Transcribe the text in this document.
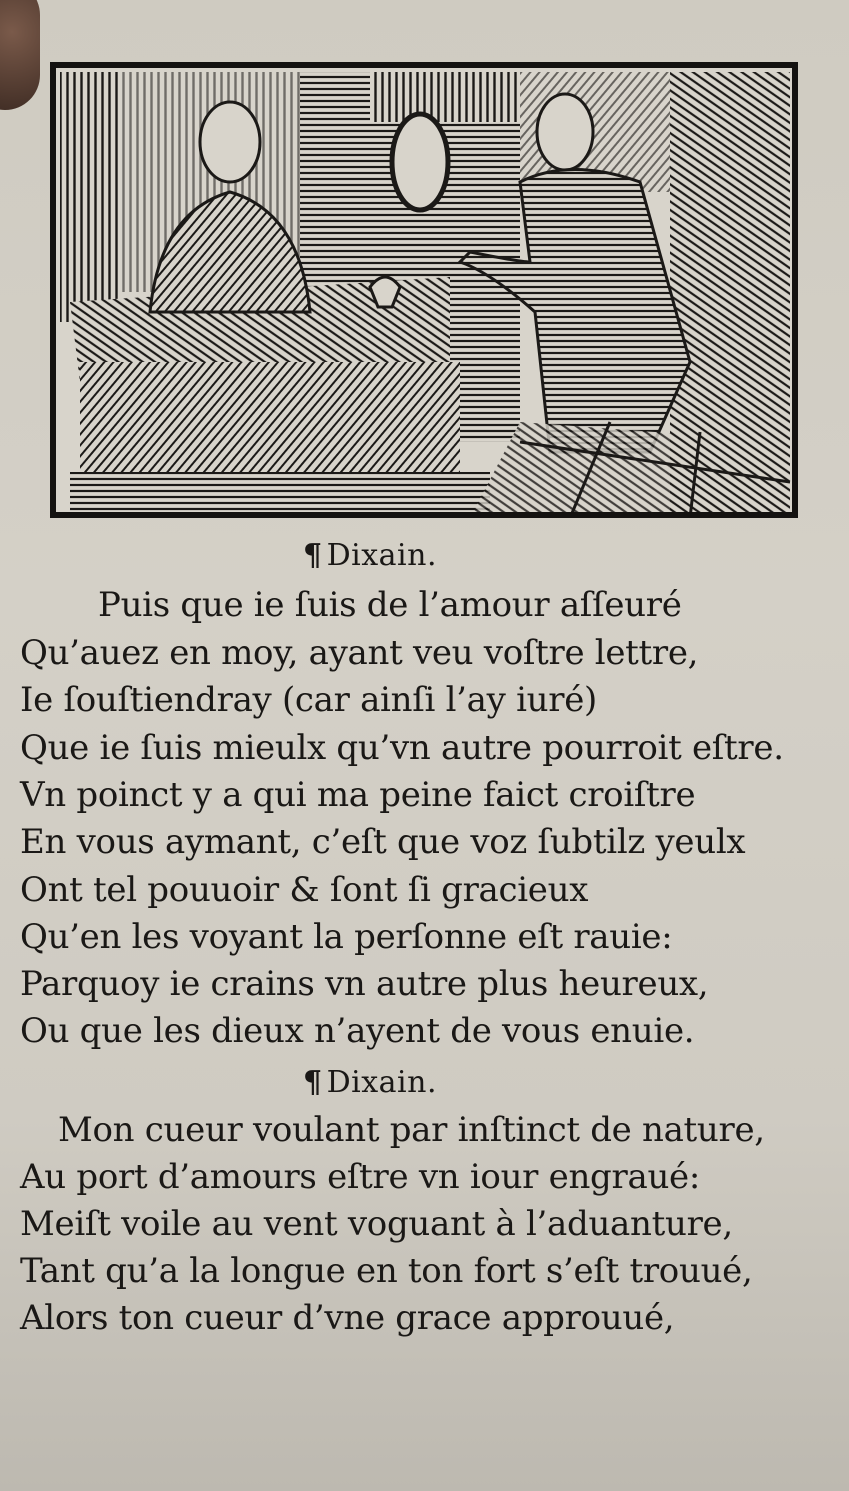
¶ Dixain.
Puis que ie ſuis de l’amour aſſeuré
Qu’auez en moy, ayant veu voſtre lettre,
Ie ſouſtiendray (car ainſi l’ay iuré)
Que ie ſuis mieulx qu’vn autre pourroit eſtre.
Vn poinct y a qui ma peine faict croiſtre
En vous aymant, c’eſt que voz ſubtilz yeulx
Ont tel pouuoir & ſont ſi gracieux
Qu’en les voyant la perſonne eſt rauie:
Parquoy ie crains vn autre plus heureux,
Ou que les dieux n’ayent de vous enuie.
¶ Dixain.
Mon cueur voulant par inſtinct de nature,
Au port d’amours eſtre vn iour engraué:
Meiſt voile au vent voguant à l’aduanture,
Tant qu’a la longue en ton fort s’eſt trouué,
Alors ton cueur d’vne grace approuué,
